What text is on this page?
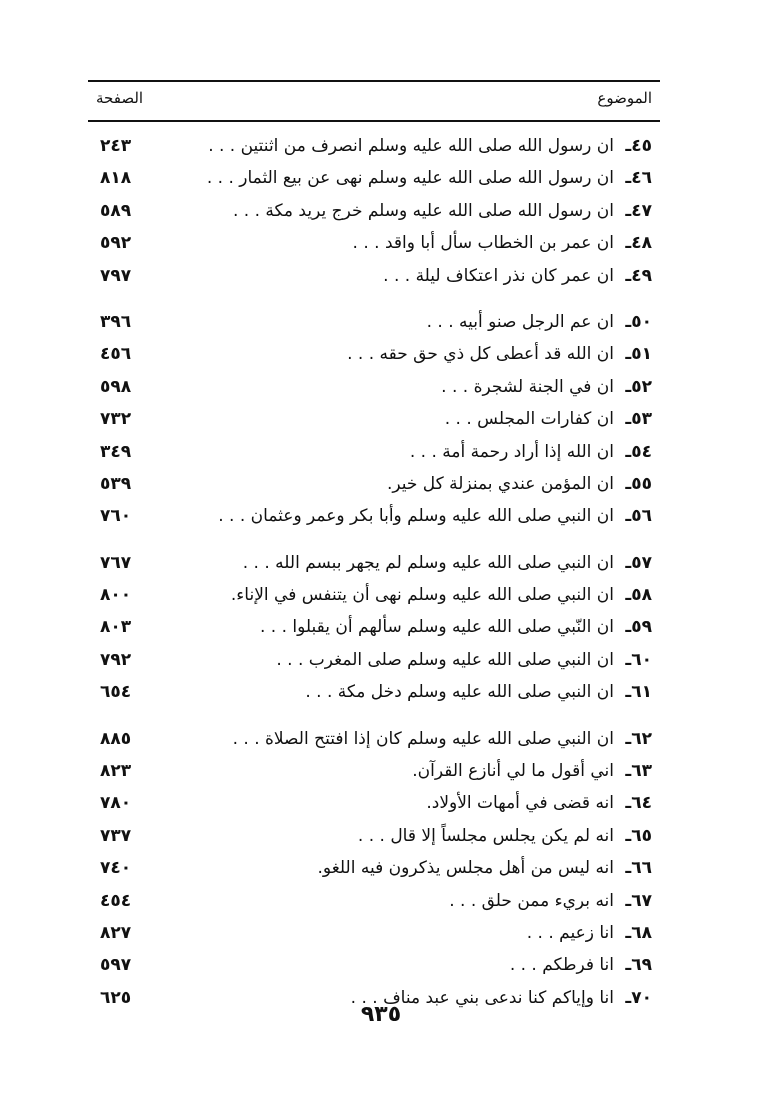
الموضوع
الصفحة
٤٥ـ ان رسول الله صلى الله عليه وسلم انصرف من اثنتين . . .
٢٤٣
٤٦ـ ان رسول الله صلى الله عليه وسلم نهى عن بيع الثمار . . .
٨١٨
٤٧ـ ان رسول الله صلى الله عليه وسلم خرج يريد مكة . . .
٥٨٩
٤٨ـ ان عمر بن الخطاب سأل أبا واقد . . .
٥٩٢
٤٩ـ ان عمر كان نذر اعتكاف ليلة . . .
٧٩٧
٥٠ـ ان عم الرجل صنو أبيه . . .
٣٩٦
٥١ـ ان الله قد أعطى كل ذي حق حقه . . .
٤٥٦
٥٢ـ ان في الجنة لشجرة . . .
٥٩٨
٥٣ـ ان كفارات المجلس . . .
٧٣٢
٥٤ـ ان الله إذا أراد رحمة أمة . . .
٣٤٩
٥٥ـ ان المؤمن عندي بمنزلة كل خير.
٥٣٩
٥٦ـ ان النبي صلى الله عليه وسلم وأبا بكر وعمر وعثمان . . .
٧٦٠
٥٧ـ ان النبي صلى الله عليه وسلم لم يجهر ببسم الله . . .
٧٦٧
٥٨ـ ان النبي صلى الله عليه وسلم نهى أن يتنفس في الإناء.
٨٠٠
٥٩ـ ان النّبي صلى الله عليه وسلم سألهم أن يقبلوا . . .
٨٠٣
٦٠ـ ان النبي صلى الله عليه وسلم صلى المغرب . . .
٧٩٢
٦١ـ ان النبي صلى الله عليه وسلم دخل مكة . . .
٦٥٤
٦٢ـ ان النبي صلى الله عليه وسلم كان إذا افتتح الصلاة . . .
٨٨٥
٦٣ـ اني أقول ما لي أنازع القرآن.
٨٢٣
٦٤ـ انه قضى في أمهات الأولاد.
٧٨٠
٦٥ـ انه لم يكن يجلس مجلساً إلا قال . . .
٧٣٧
٦٦ـ انه ليس من أهل مجلس يذكرون فيه اللغو.
٧٤٠
٦٧ـ انه بريء ممن حلق . . .
٤٥٤
٦٨ـ انا زعيم . . .
٨٢٧
٦٩ـ انا فرطكم . . .
٥٩٧
٧٠ـ انا وإياكم كنا ندعى بني عبد مناف . . .
٦٢٥
٩٣٥
